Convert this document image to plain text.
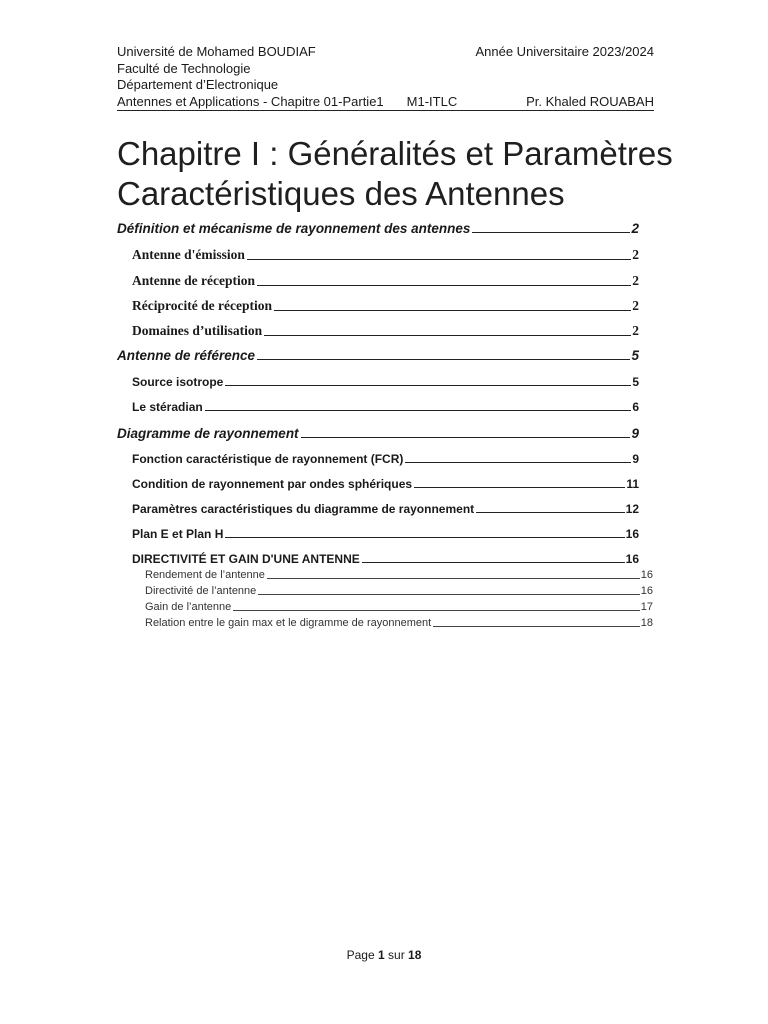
Université de Mohamed BOUDIAF	Année Universitaire 2023/2024
Faculté de Technologie
Département d’Electronique
Antennes et Applications - Chapitre 01-Partie1 M1-ITLC	Pr. Khaled ROUABAH
Chapitre I : Généralités et Paramètres Caractéristiques des Antennes
Définition et mécanisme de rayonnement des antennes	2
Antenne d'émission	2
Antenne de réception	2
Réciprocité de réception	2
Domaines d’utilisation	2
Antenne de référence	5
Source isotrope	5
Le stéradian	6
Diagramme de rayonnement	9
Fonction caractéristique de rayonnement (FCR)	9
Condition de rayonnement par ondes sphériques	11
Paramètres caractéristiques du diagramme de rayonnement	12
Plan E et Plan H	16
DIRECTIVITÉ ET GAIN D'UNE ANTENNE	16
Rendement de l’antenne	16
Directivité de l’antenne	16
Gain de l’antenne	17
Relation entre le gain max et le digramme de rayonnement	18
Page 1 sur 18
